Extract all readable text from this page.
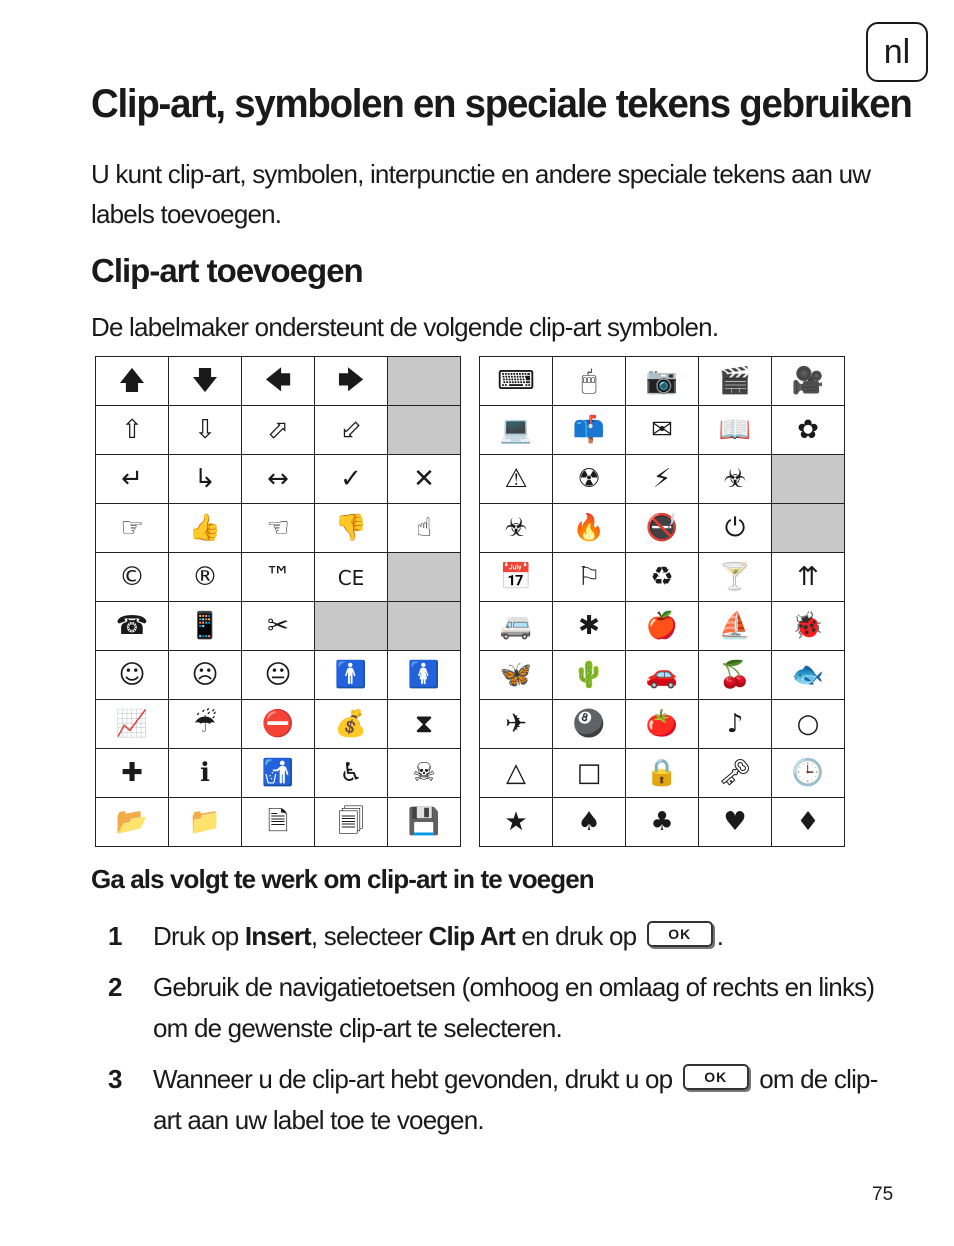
nl
Clip-art, symbolen en speciale tekens gebruiken

U kunt clip-art, symbolen, interpunctie en andere speciale tekens aan uw labels toevoegen.

Clip-art toevoegen

De labelmaker ondersteunt de volgende clip-art symbolen.

🡅	🡇	🡄	🡆	
⇧	⇩	⬀	⬃	
↵	↳	↔	✓	✕
☞	👍	☜	👎	☝
©	®	™	CE	
☎	📱	✂		
☺	☹	😐	🚹	🚺
📈	☔	⛔	💰	⧗
✚	ℹ	🚮	♿	☠
📂	📁	🗎	🗐	💾
⌨	🖱	📷	🎬	🎥
💻	📫	✉	📖	✿
⚠	☢	⚡	☣	
☣	🔥	🚭	⏻	
📅	⚐	♻	🍸	⇈
🚐	✱	🍎	⛵	🐞
🦋	🌵	🚗	🍒	🐟
✈	🎱	🍅	♪	○
△	□	🔒	🗝	🕒
★	♠	♣	♥	♦
Ga als volgt te werk om clip-art in te voegen
1	Druk op Insert, selecteer Clip Art en druk op OK .
2	Gebruik de navigatietoetsen (omhoog en omlaag of rechts en links) om de gewenste clip-art te selecteren.
3	Wanneer u de clip-art hebt gevonden, drukt u op OK om de clip-art aan uw label toe te voegen.
75
